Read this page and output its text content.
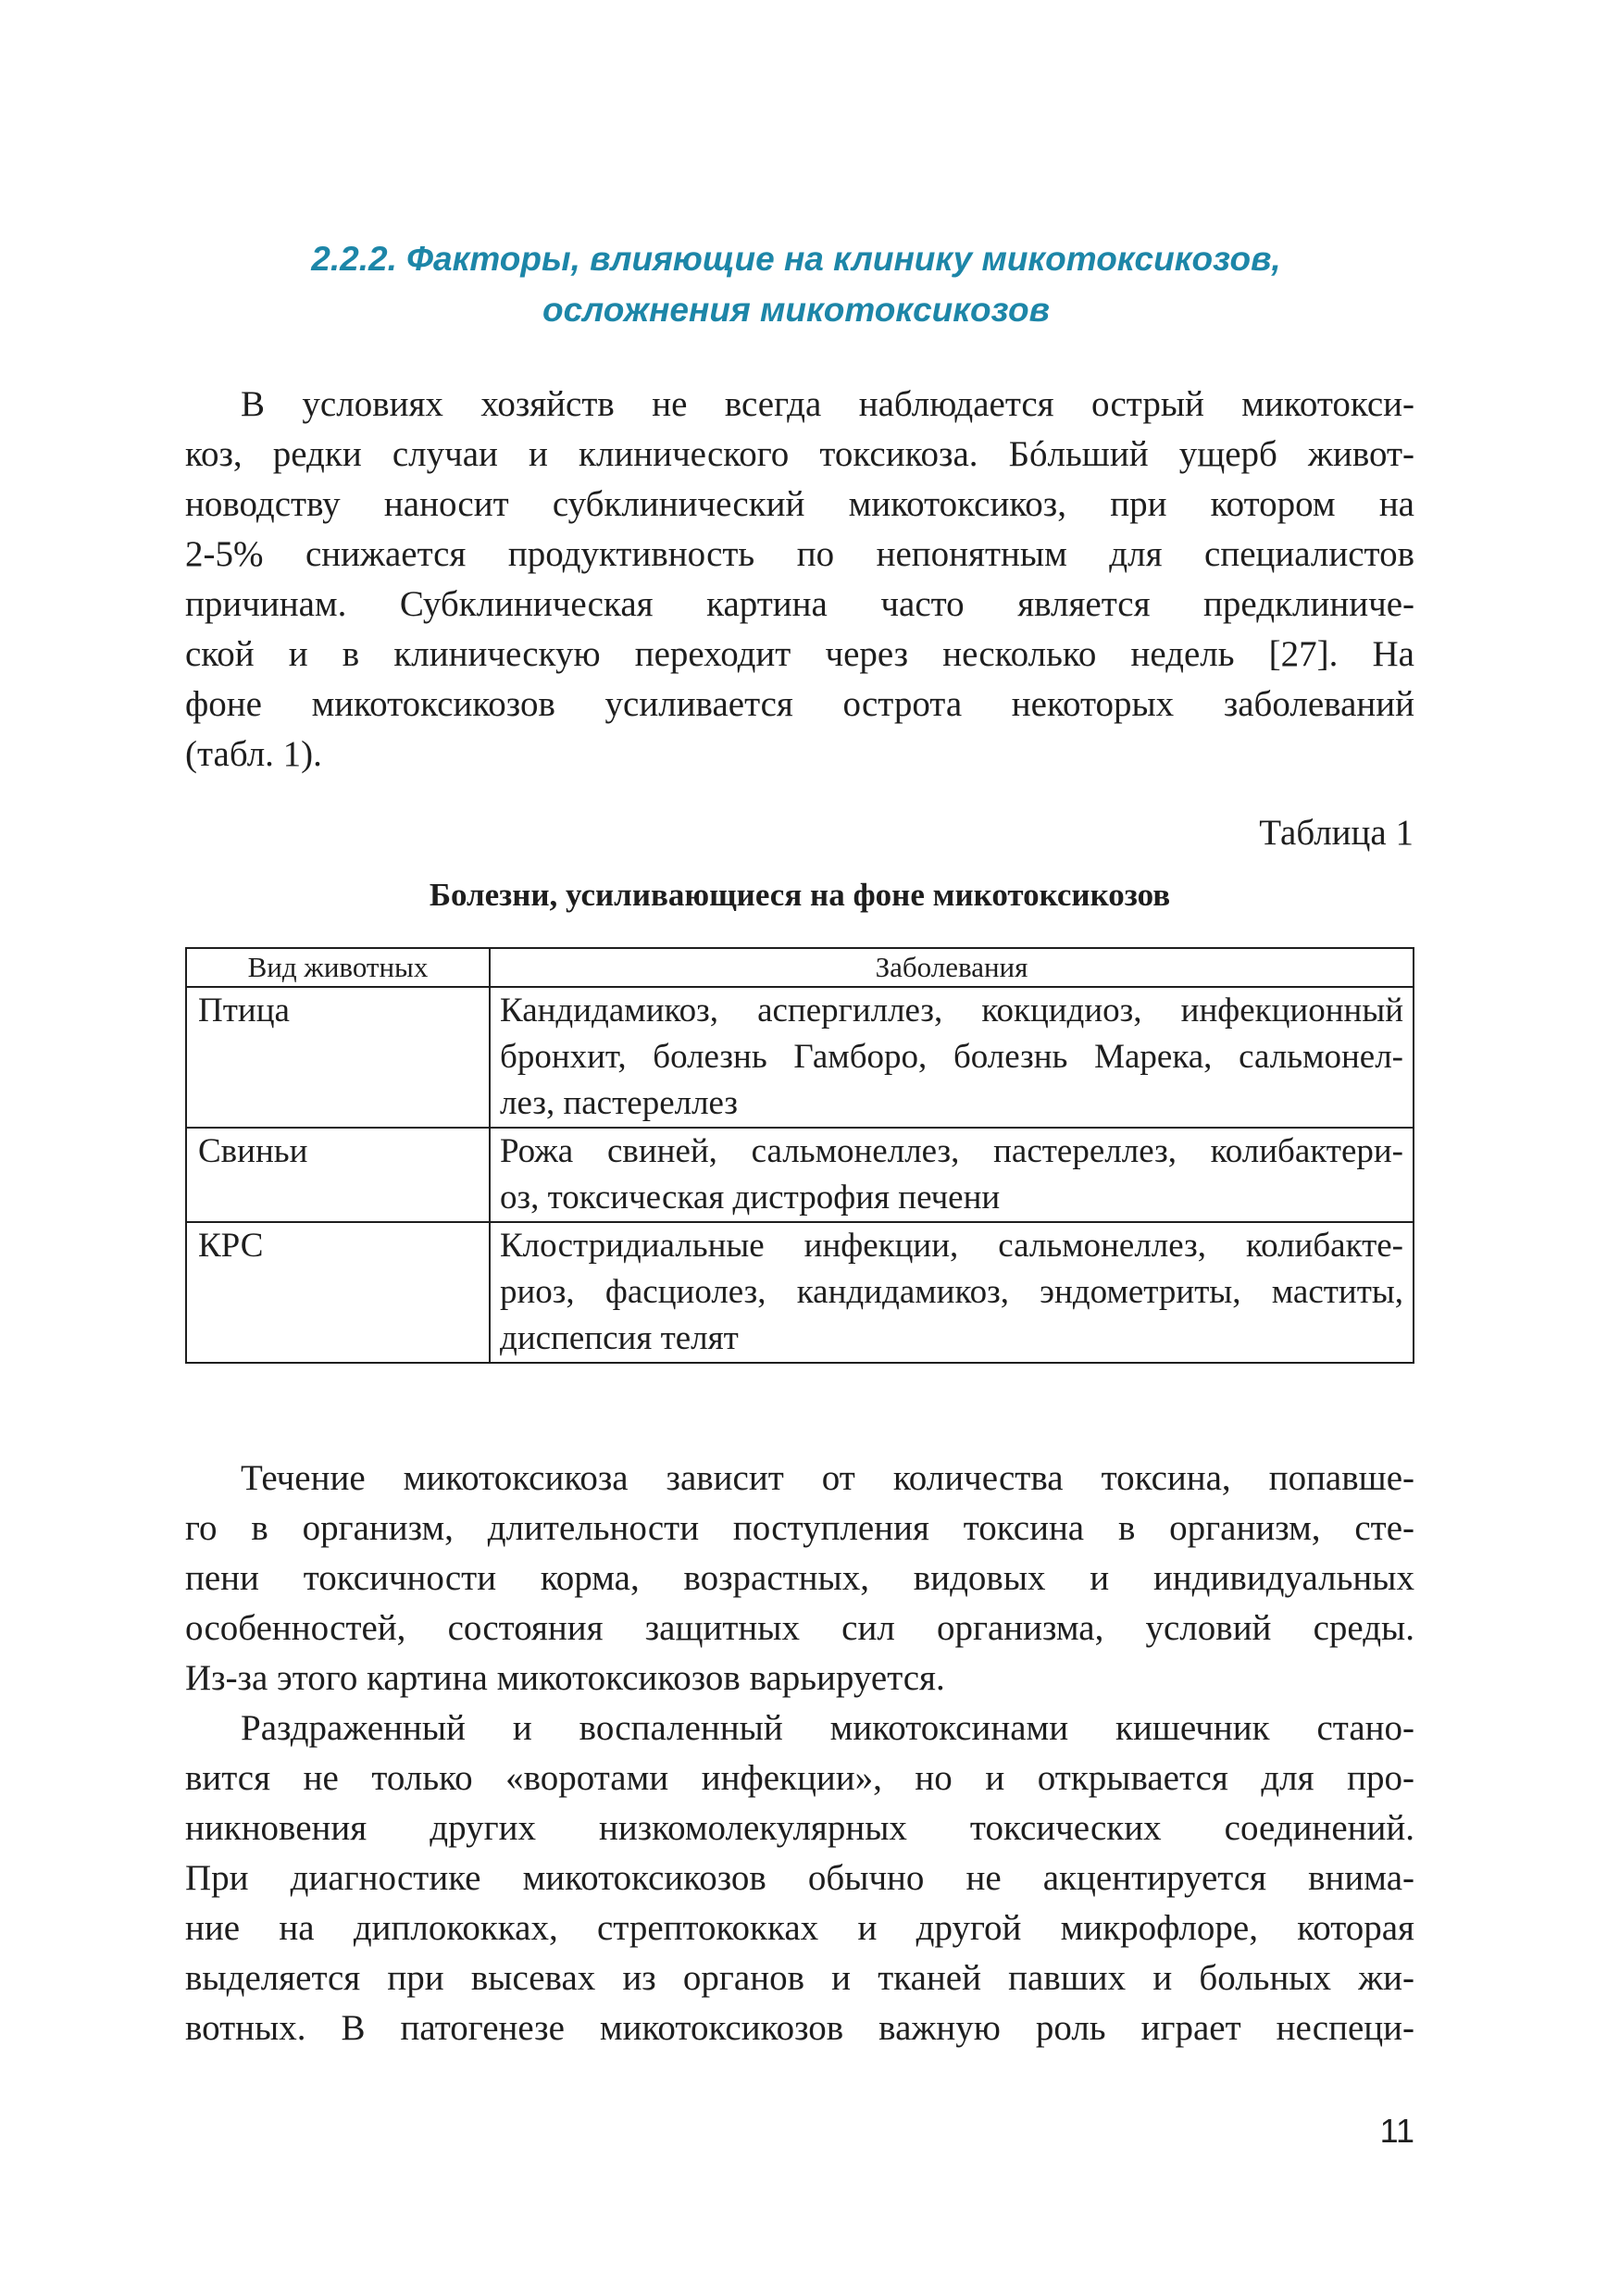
2.2.2. Факторы, влияющие на клинику микотоксикозов,
осложнения микотоксикозов
В условиях хозяйств не всегда наблюдается острый микотокси-
коз, редки случаи и клинического токсикоза. Бóльший ущерб живот-
новодству наносит субклинический микотоксикоз, при котором на
2-5% снижается продуктивность по непонятным для специалистов
причинам. Субклиническая картина часто является предклиниче-
ской и в клиническую переходит через несколько недель [27]. На
фоне микотоксикозов усиливается острота некоторых заболеваний
(табл. 1).
Таблица 1
Болезни, усиливающиеся на фоне микотоксикозов
Вид животных	Заболевания
Птица	Кандидамикоз, аспергиллез, кокцидиоз, инфекционный
бронхит, болезнь Гамборо, болезнь Марека, сальмонел-
лез, пастереллез

Свиньи	Рожа свиней, сальмонеллез, пастереллез, колибактери-
оз, токсическая дистрофия печени

КРС	Клостридиальные инфекции, сальмонеллез, колибакте-
риоз, фасциолез, кандидамикоз, эндометриты, маститы,
диспепсия телят
Течение микотоксикоза зависит от количества токсина, попавше-
го в организм, длительности поступления токсина в организм, сте-
пени токсичности корма, возрастных, видовых и индивидуальных
особенностей, состояния защитных сил организма, условий среды.
Из-за этого картина микотоксикозов варьируется.
Раздраженный и воспаленный микотоксинами кишечник стано-
вится не только «воротами инфекции», но и открывается для про-
никновения других низкомолекулярных токсических соединений.
При диагностике микотоксикозов обычно не акцентируется внима-
ние на диплококках, стрептококках и другой микрофлоре, которая
выделяется при высевах из органов и тканей павших и больных жи-
вотных. В патогенезе микотоксикозов важную роль играет неспеци-
11
